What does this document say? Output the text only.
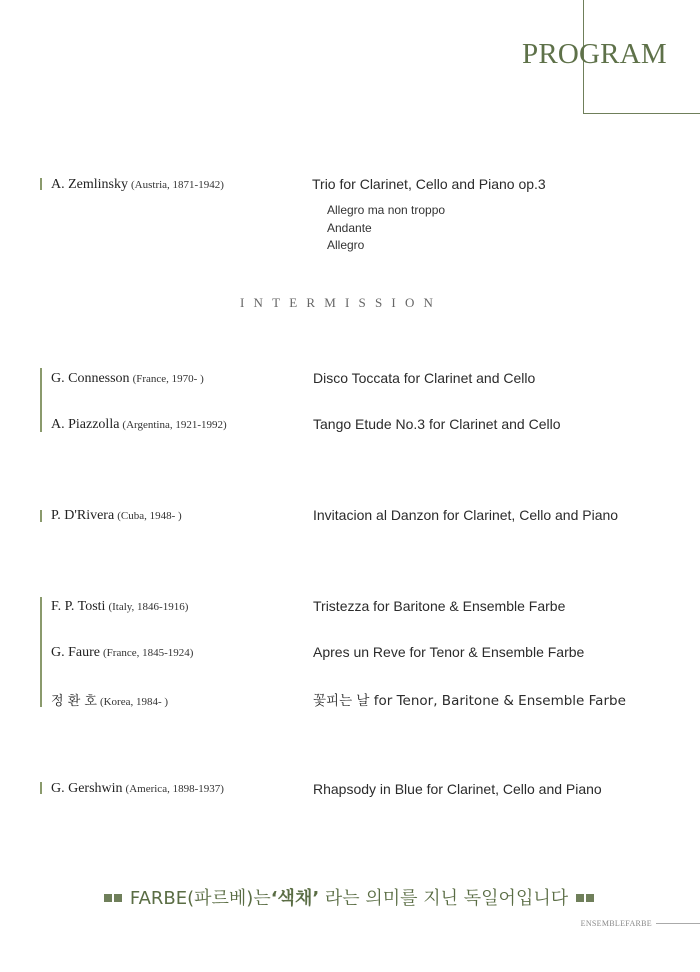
PROGRAM
A. Zemlinsky (Austria, 1871-1942)	Trio for Clarinet, Cello and Piano op.3
Allegro ma non troppo
Andante
Allegro
INTERMISSION
G. Connesson (France, 1970- )	Disco Toccata for Clarinet and Cello
A. Piazzolla (Argentina, 1921-1992)	Tango Etude No.3 for Clarinet and Cello
P. D'Rivera (Cuba, 1948- )	Invitacion al Danzon for Clarinet, Cello and Piano
F. P. Tosti (Italy, 1846-1916)	Tristezza for Baritone & Ensemble Farbe
G. Faure (France, 1845-1924)	Apres un Reve for Tenor & Ensemble Farbe
정 환 호 (Korea, 1984- )	꽃피는 날 for Tenor, Baritone & Ensemble Farbe
G. Gershwin (America, 1898-1937)	Rhapsody in Blue for Clarinet, Cello and Piano
FARBE(파르베)는‘색채’ 라는 의미를 지닌 독일어입니다
ENSEMBLEFARBE
